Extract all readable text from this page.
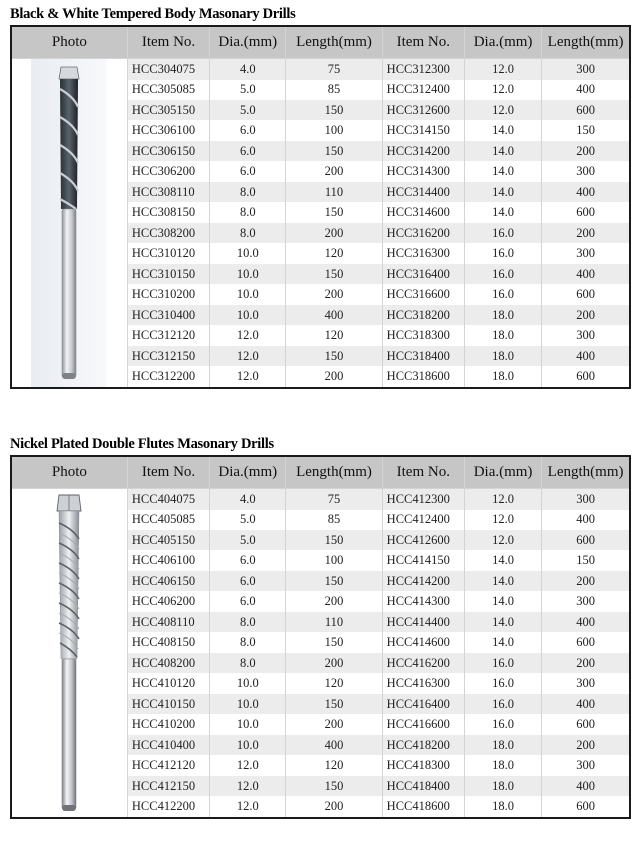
Black & White Tempered Body Masonary Drills
Photo	Item No.	Dia.(mm)	Length(mm)	Item No.	Dia.(mm)	Length(mm)

	HCC304075	4.0	75	HCC312300	12.0	300
	HCC305085	5.0	85	HCC312400	12.0	400
	HCC305150	5.0	150	HCC312600	12.0	600
	HCC306100	6.0	100	HCC314150	14.0	150
	HCC306150	6.0	150	HCC314200	14.0	200
	HCC306200	6.0	200	HCC314300	14.0	300
	HCC308110	8.0	110	HCC314400	14.0	400
	HCC308150	8.0	150	HCC314600	14.0	600
	HCC308200	8.0	200	HCC316200	16.0	200
	HCC310120	10.0	120	HCC316300	16.0	300
	HCC310150	10.0	150	HCC316400	16.0	400
	HCC310200	10.0	200	HCC316600	16.0	600
	HCC310400	10.0	400	HCC318200	18.0	200
	HCC312120	12.0	120	HCC318300	18.0	300
	HCC312150	12.0	150	HCC318400	18.0	400
	HCC312200	12.0	200	HCC318600	18.0	600
Nickel Plated Double Flutes Masonary Drills
Photo	Item No.	Dia.(mm)	Length(mm)	Item No.	Dia.(mm)	Length(mm)

	HCC404075	4.0	75	HCC412300	12.0	300
	HCC405085	5.0	85	HCC412400	12.0	400
	HCC405150	5.0	150	HCC412600	12.0	600
	HCC406100	6.0	100	HCC414150	14.0	150
	HCC406150	6.0	150	HCC414200	14.0	200
	HCC406200	6.0	200	HCC414300	14.0	300
	HCC408110	8.0	110	HCC414400	14.0	400
	HCC408150	8.0	150	HCC414600	14.0	600
	HCC408200	8.0	200	HCC416200	16.0	200
	HCC410120	10.0	120	HCC416300	16.0	300
	HCC410150	10.0	150	HCC416400	16.0	400
	HCC410200	10.0	200	HCC416600	16.0	600
	HCC410400	10.0	400	HCC418200	18.0	200
	HCC412120	12.0	120	HCC418300	18.0	300
	HCC412150	12.0	150	HCC418400	18.0	400
	HCC412200	12.0	200	HCC418600	18.0	600
